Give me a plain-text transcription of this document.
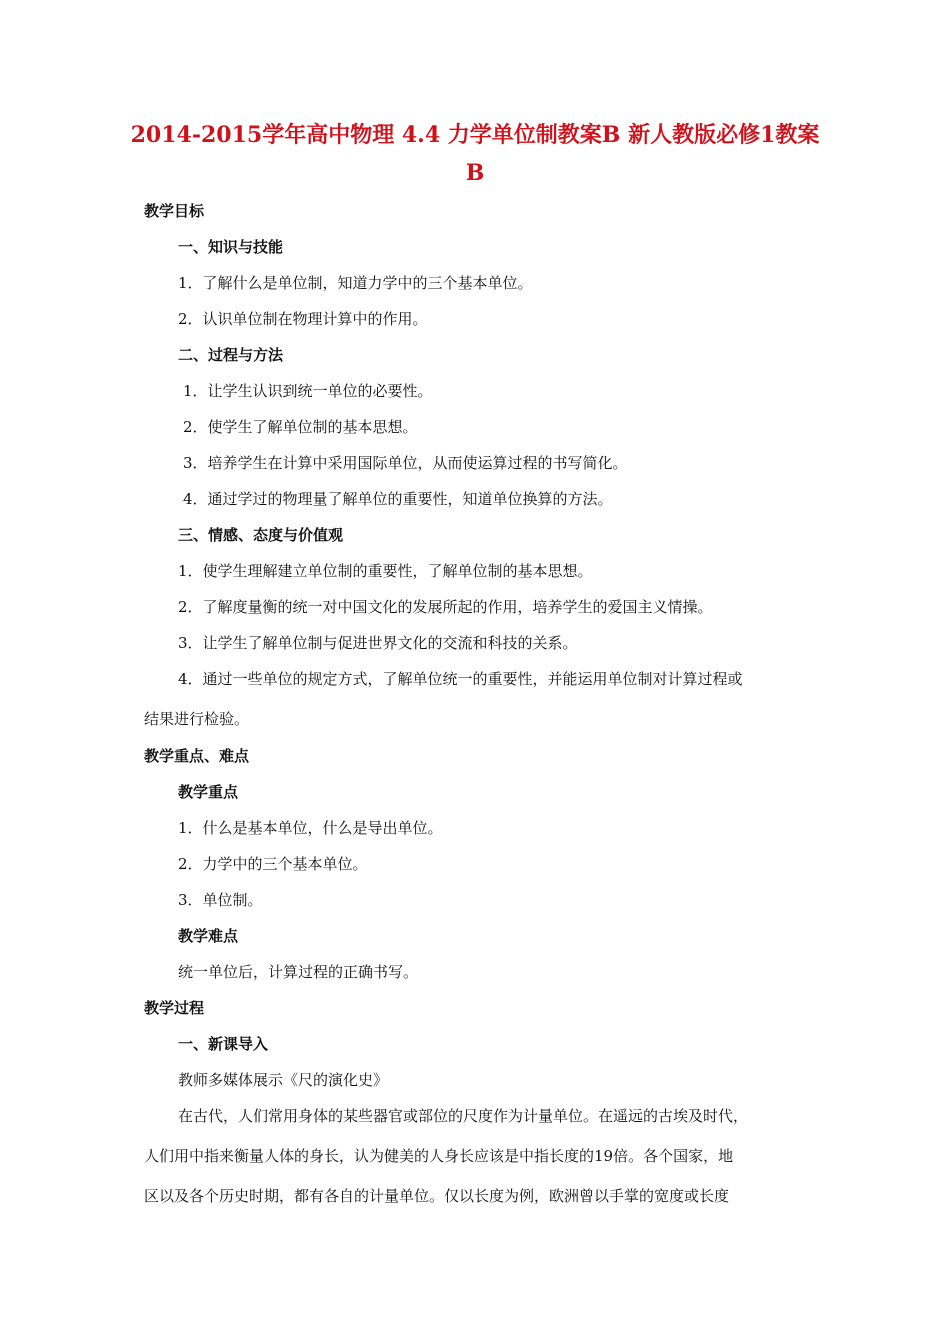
2014-2015学年高中物理 4.4 力学单位制教案B 新人教版必修1教案 B
教学目标
一、知识与技能
1．了解什么是单位制，知道力学中的三个基本单位。
2．认识单位制在物理计算中的作用。
二、过程与方法
1．让学生认识到统一单位的必要性。
2．使学生了解单位制的基本思想。
3．培养学生在计算中采用国际单位，从而使运算过程的书写简化。
4．通过学过的物理量了解单位的重要性，知道单位换算的方法。
三、情感、态度与价值观
1．使学生理解建立单位制的重要性，了解单位制的基本思想。
2．了解度量衡的统一对中国文化的发展所起的作用，培养学生的爱国主义情操。
3．让学生了解单位制与促进世界文化的交流和科技的关系。
4．通过一些单位的规定方式，了解单位统一的重要性，并能运用单位制对计算过程或
结果进行检验。
教学重点、难点
教学重点
1．什么是基本单位，什么是导出单位。
2．力学中的三个基本单位。
3．单位制。
教学难点
统一单位后，计算过程的正确书写。
教学过程
一、新课导入
教师多媒体展示《尺的演化史》
在古代，人们常用身体的某些器官或部位的尺度作为计量单位。在遥远的古埃及时代，
人们用中指来衡量人体的身长，认为健美的人身长应该是中指长度的19倍。各个国家，地
区以及各个历史时期，都有各自的计量单位。仅以长度为例，欧洲曾以手掌的宽度或长度
